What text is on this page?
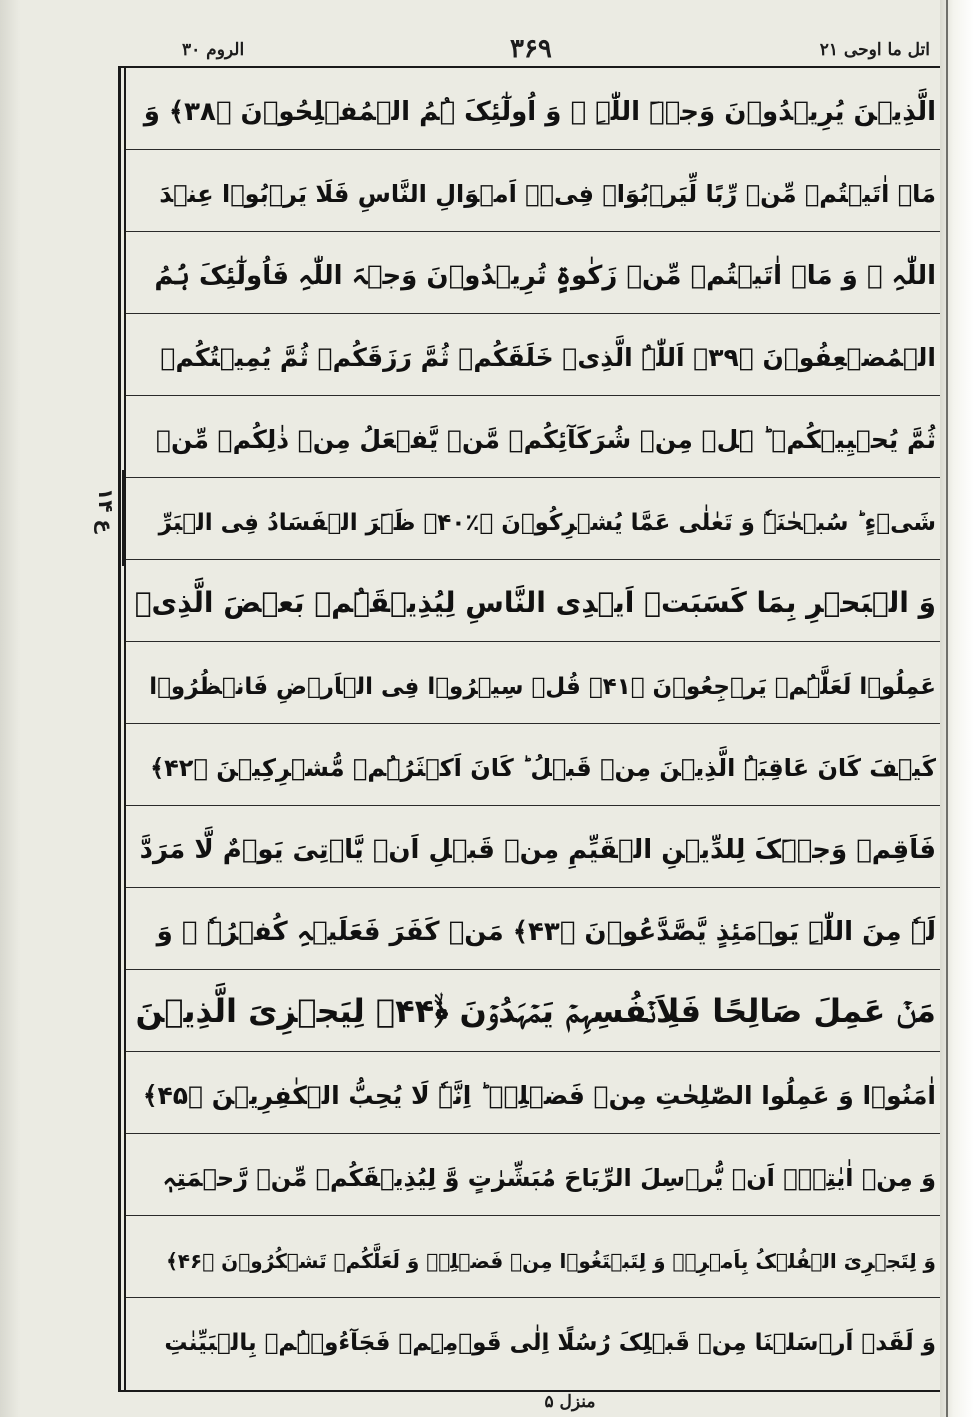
اتل ما اوحی ۲۱
۳۶۹
الروم ۳۰
ع ۱۴
الَّذِیۡنَ یُرِیۡدُوۡنَ وَجۡہَ اللّٰہِ ۫ وَ اُولٰٓئِکَ ہُمُ الۡمُفۡلِحُوۡنَ ﴿۳۸﴾ وَ
مَاۤ اٰتَیۡتُمۡ مِّنۡ رِّبًا لِّیَرۡبُوَا۠ فِیۡۤ اَمۡوَالِ النَّاسِ فَلَا یَرۡبُوۡا عِنۡدَ
اللّٰہِ ۚ وَ مَاۤ اٰتَیۡتُمۡ مِّنۡ زَکٰوۃٍ تُرِیۡدُوۡنَ وَجۡہَ اللّٰہِ فَاُولٰٓئِکَ ہُمُ
الۡمُضۡعِفُوۡنَ ﴿۳۹﴾ اَللّٰہُ الَّذِیۡ خَلَقَکُمۡ ثُمَّ رَزَقَکُمۡ ثُمَّ یُمِیۡتُکُمۡ
ثُمَّ یُحۡیِیۡکُمۡ ؕ ہَلۡ مِنۡ شُرَکَآئِکُمۡ مَّنۡ یَّفۡعَلُ مِنۡ ذٰلِکُمۡ مِّنۡ
شَیۡءٍ ؕ سُبۡحٰنَہٗ وَ تَعٰلٰی عَمَّا یُشۡرِکُوۡنَ ﴿٪۴۰﴾ ظَہَرَ الۡفَسَادُ فِی الۡبَرِّ
وَ الۡبَحۡرِ بِمَا کَسَبَتۡ اَیۡدِی النَّاسِ لِیُذِیۡقَہُمۡ بَعۡضَ الَّذِیۡ
عَمِلُوۡا لَعَلَّہُمۡ یَرۡجِعُوۡنَ ﴿۴۱﴾ قُلۡ سِیۡرُوۡا فِی الۡاَرۡضِ فَانۡظُرُوۡا
کَیۡفَ کَانَ عَاقِبَۃُ الَّذِیۡنَ مِنۡ قَبۡلُ ؕ کَانَ اَکۡثَرُہُمۡ مُّشۡرِکِیۡنَ ﴿۴۲﴾
فَاَقِمۡ وَجۡہَکَ لِلدِّیۡنِ الۡقَیِّمِ مِنۡ قَبۡلِ اَنۡ یَّاۡتِیَ یَوۡمٌ لَّا مَرَدَّ
لَہٗ مِنَ اللّٰہِ یَوۡمَئِذٍ یَّصَّدَّعُوۡنَ ﴿۴۳﴾ مَنۡ کَفَرَ فَعَلَیۡہِ کُفۡرُہٗ ۚ وَ
مَنۡ عَمِلَ صَالِحًا فَلِاَنۡفُسِہِمۡ یَمۡہَدُوۡنَ ﴿ۙ۴۴﴾ لِیَجۡزِیَ الَّذِیۡنَ
اٰمَنُوۡا وَ عَمِلُوا الصّٰلِحٰتِ مِنۡ فَضۡلِہٖ ؕ اِنَّہٗ لَا یُحِبُّ الۡکٰفِرِیۡنَ ﴿۴۵﴾
وَ مِنۡ اٰیٰتِہٖۤ اَنۡ یُّرۡسِلَ الرِّیَاحَ مُبَشِّرٰتٍ وَّ لِیُذِیۡقَکُمۡ مِّنۡ رَّحۡمَتِہٖ
وَ لِتَجۡرِیَ الۡفُلۡکُ بِاَمۡرِہٖ وَ لِتَبۡتَغُوۡا مِنۡ فَضۡلِہٖ وَ لَعَلَّکُمۡ تَشۡکُرُوۡنَ ﴿۴۶﴾
وَ لَقَدۡ اَرۡسَلۡنَا مِنۡ قَبۡلِکَ رُسُلًا اِلٰی قَوۡمِہِمۡ فَجَآءُوۡہُمۡ بِالۡبَیِّنٰتِ
منزل ۵
